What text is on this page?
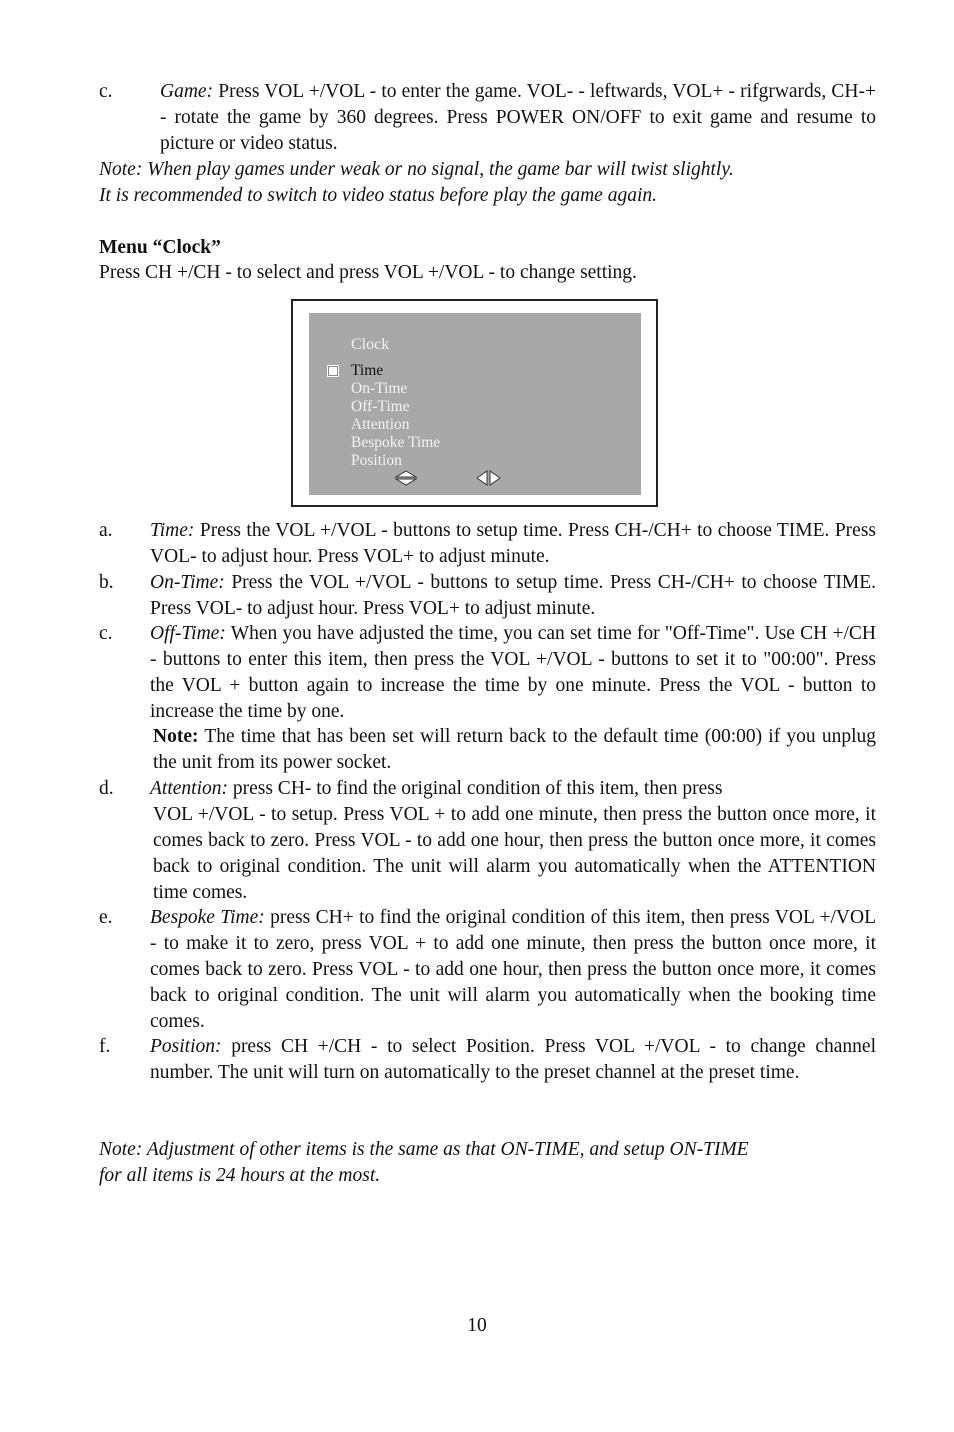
c. Game: Press VOL +/VOL - to enter the game. VOL- - leftwards, VOL+ - rifgrwards, CH-+ - rotate the game by 360 degrees. Press POWER ON/OFF to exit game and resume to picture or video status.
Note: When play games under weak or no signal, the game bar will twist slightly.
It is recommended to switch to video status before play the game again.
Menu “Clock”
Press CH +/CH - to select and press VOL +/VOL - to change setting.
Clock
Time
On-Time
Off-Time
Attention
Bespoke Time
Position
a. Time: Press the VOL +/VOL - buttons to setup time. Press CH-/CH+ to choose TIME. Press VOL- to adjust hour. Press VOL+ to adjust minute.
b. On-Time: Press the VOL +/VOL - buttons to setup time. Press CH-/CH+ to choose TIME. Press VOL- to adjust hour. Press VOL+ to adjust minute.
c. Off-Time: When you have adjusted the time, you can set time for "Off-Time". Use CH +/CH - buttons to enter this item, then press the VOL +/VOL - buttons to set it to "00:00". Press the VOL + button again to increase the time by one minute. Press the VOL - button to increase the time by one.
Note: The time that has been set will return back to the default time (00:00) if you unplug the unit from its power socket.
d. Attention: press CH- to find the original condition of this item, then press
VOL +/VOL - to setup. Press VOL + to add one minute, then press the button once more, it comes back to zero. Press VOL - to add one hour, then press the button once more, it comes back to original condition. The unit will alarm you automatically when the ATTENTION time comes.
e. Bespoke Time: press CH+ to find the original condition of this item, then press VOL +/VOL - to make it to zero, press VOL + to add one minute, then press the button once more, it comes back to zero. Press VOL - to add one hour, then press the button once more, it comes back to original condition. The unit will alarm you automatically when the booking time comes.
f. Position: press CH +/CH - to select Position. Press VOL +/VOL - to change channel number. The unit will turn on automatically to the preset channel at the preset time.
Note: Adjustment of other items is the same as that ON-TIME, and setup ON-TIME
for all items is 24 hours at the most.
10
